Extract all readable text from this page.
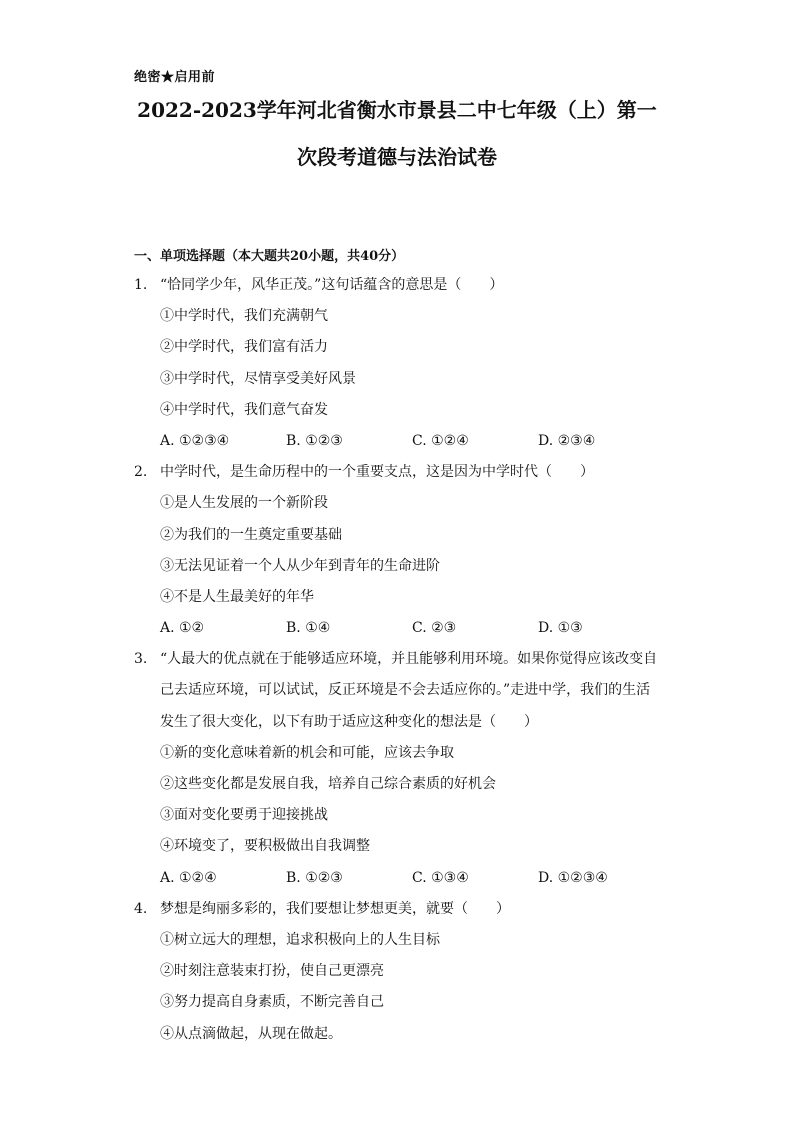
绝密★启用前
2022-2023学年河北省衡水市景县二中七年级（上）第一
次段考道德与法治试卷
一、单项选择题（本大题共20小题，共40分）
1. “恰同学少年，风华正茂。”这句话蕴含的意思是（　　）
①中学时代，我们充满朝气
②中学时代，我们富有活力
③中学时代，尽情享受美好风景
④中学时代，我们意气奋发
A. ①②③④	B. ①②③	C. ①②④	D. ②③④
2. 中学时代，是生命历程中的一个重要支点，这是因为中学时代（　　）
①是人生发展的一个新阶段
②为我们的一生奠定重要基础
③无法见证着一个人从少年到青年的生命进阶
④不是人生最美好的年华
A. ①②	B. ①④	C. ②③	D. ①③
3. “人最大的优点就在于能够适应环境，并且能够利用环境。如果你觉得应该改变自
己去适应环境，可以试试，反正环境是不会去适应你的。”走进中学，我们的生活
发生了很大变化，以下有助于适应这种变化的想法是（　　）
①新的变化意味着新的机会和可能，应该去争取
②这些变化都是发展自我，培养自己综合素质的好机会
③面对变化要勇于迎接挑战
④环境变了，要积极做出自我调整
A. ①②④	B. ①②③	C. ①③④	D. ①②③④
4. 梦想是绚丽多彩的，我们要想让梦想更美，就要（　　）
①树立远大的理想，追求积极向上的人生目标
②时刻注意装束打扮，使自己更漂亮
③努力提高自身素质，不断完善自己
④从点滴做起，从现在做起。
